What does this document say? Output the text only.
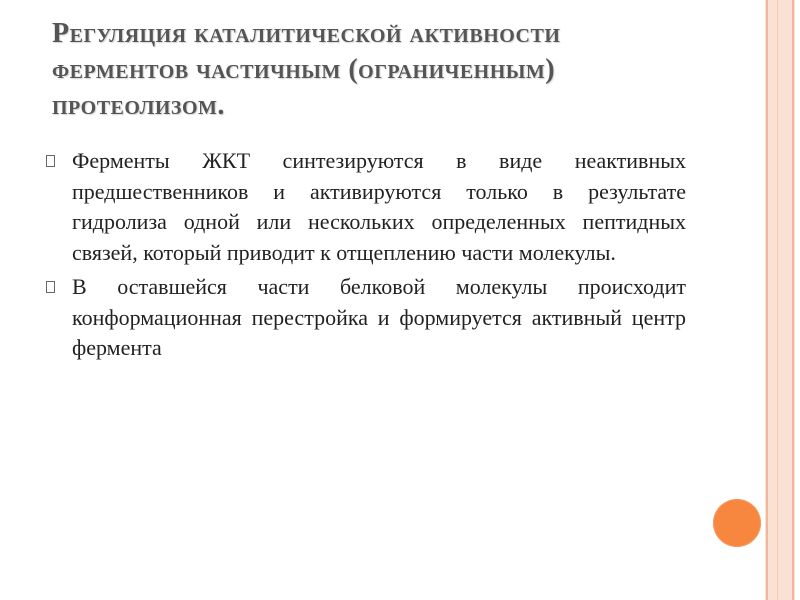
Регуляция каталитической активности
ферментов частичным (ограниченным)
протеолизом.
Ферменты ЖКТ синтезируются в виде неактивных предшественников и активируются только в результате гидролиза одной или нескольких определенных пептидных связей, который приводит к отщеплению части молекулы.
В оставшейся части белковой молекулы происходит конформационная перестройка и формируется активный центр фермента
